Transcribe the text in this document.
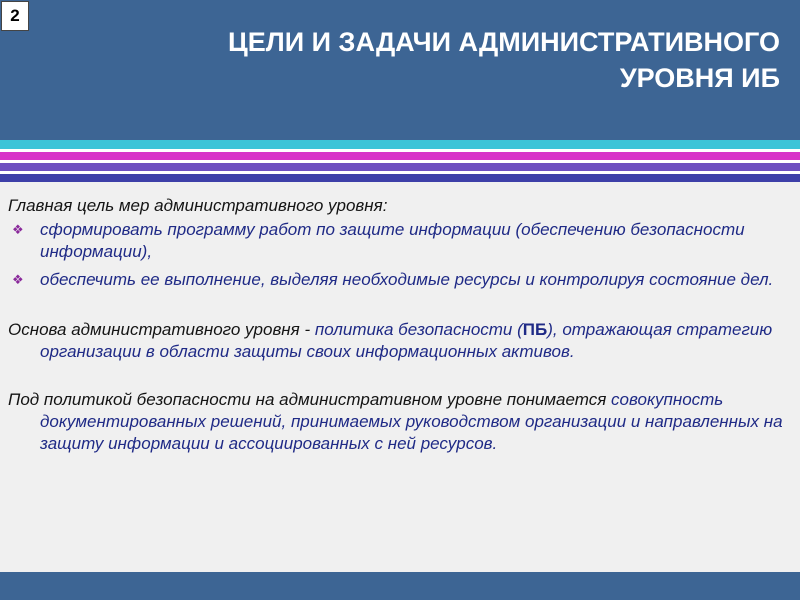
2
ЦЕЛИ И ЗАДАЧИ АДМИНИСТРАТИВНОГО
УРОВНЯ ИБ

Главная цель мер административного уровня:

❖ сформировать программу работ по защите информации (обеспечению безопасности информации),
❖ обеспечить ее выполнение, выделяя необходимые ресурсы и контролируя состояние дел.

Основа административного уровня - политика безопасности (ПБ), отражающая стратегию организации в области защиты своих информационных активов.

Под политикой безопасности на административном уровне понимается совокупность документированных решений, принимаемых руководством организации и направленных на защиту информации и ассоциированных с ней ресурсов.
